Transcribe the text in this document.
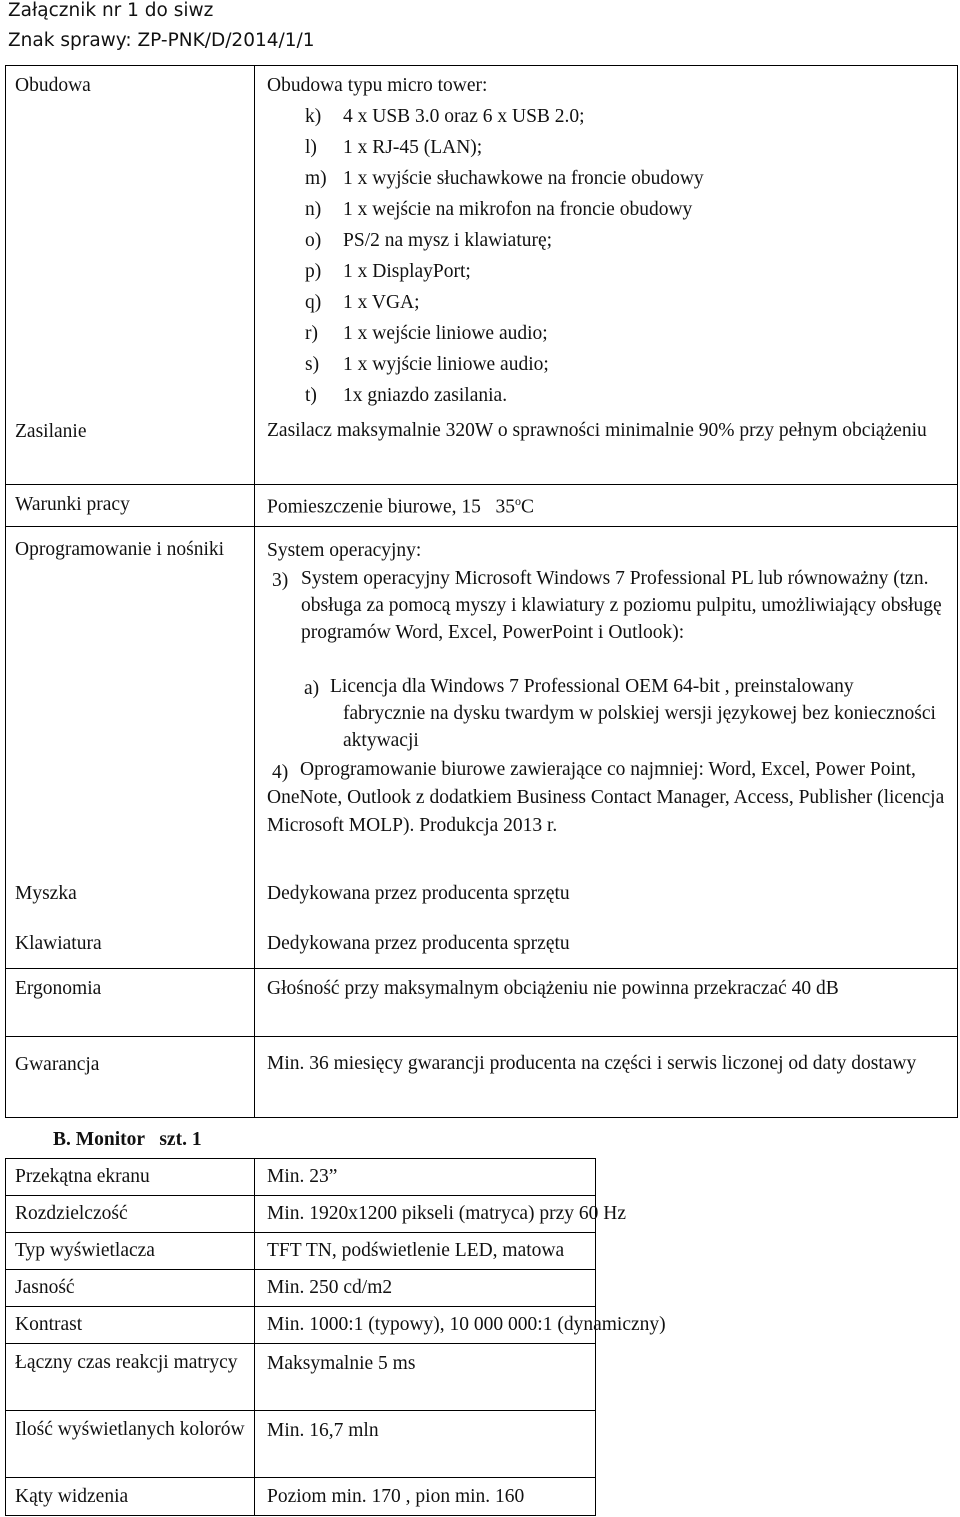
Załącznik nr 1 do siwz
Znak sprawy: ZP-PNK/D/2014/1/1
Obudowa	Obudowa typu micro tower:
k) 4 x USB 3.0 oraz 6 x USB 2.0;
l) 1 x RJ-45 (LAN);
m) 1 x wyjście słuchawkowe na froncie obudowy
n) 1 x wejście na mikrofon na froncie obudowy
o) PS/2 na mysz i klawiaturę;
p) 1 x DisplayPort;
q) 1 x VGA;
r) 1 x wejście liniowe audio;
s) 1 x wyjście liniowe audio;
t) 1x gniazdo zasilania.
Zasilanie	Zasilacz maksymalnie 320W o sprawności minimalnie 90% przy pełnym obciążeniu
Warunki pracy	Pomieszczenie biurowe, 15   35$^o$C
Oprogramowanie i nośniki	System operacyjny:
3) System operacyjny Microsoft Windows 7 Professional PL lub równoważny (tzn. obsługa za pomocą myszy i klawiatury z poziomu pulpitu, umożliwiający obsługę programów Word, Excel, PowerPoint i Outlook):
a) Licencja dla Windows 7 Professional OEM 64-bit , preinstalowany fabrycznie na dysku twardym w polskiej wersji językowej bez konieczności aktywacji
4) Oprogramowanie biurowe zawierające co najmniej: Word, Excel, Power Point, OneNote, Outlook z dodatkiem Business Contact Manager, Access, Publisher (licencja Microsoft MOLP). Produkcja 2013 r.
Myszka	Dedykowana przez producenta sprzętu
Klawiatura	Dedykowana przez producenta sprzętu
Ergonomia	Głośność przy maksymalnym obciążeniu nie powinna przekraczać 40 dB
Gwarancja	Min. 36 miesięcy gwarancji producenta na części i serwis liczonej od daty dostawy
B. Monitor   szt. 1
Przekątna ekranu	Min. 23”
Rozdzielczość	Min. 1920x1200 pikseli (matryca) przy 60 Hz
Typ wyświetlacza	TFT TN, podświetlenie LED, matowa
Jasność	Min. 250 cd/m2
Kontrast	Min. 1000:1 (typowy), 10 000 000:1 (dynamiczny)
Łączny czas reakcji matrycy	Maksymalnie 5 ms
Ilość wyświetlanych kolorów Min. 16,7 mln
Kąty widzenia	Poziom min. 170 , pion min. 160
